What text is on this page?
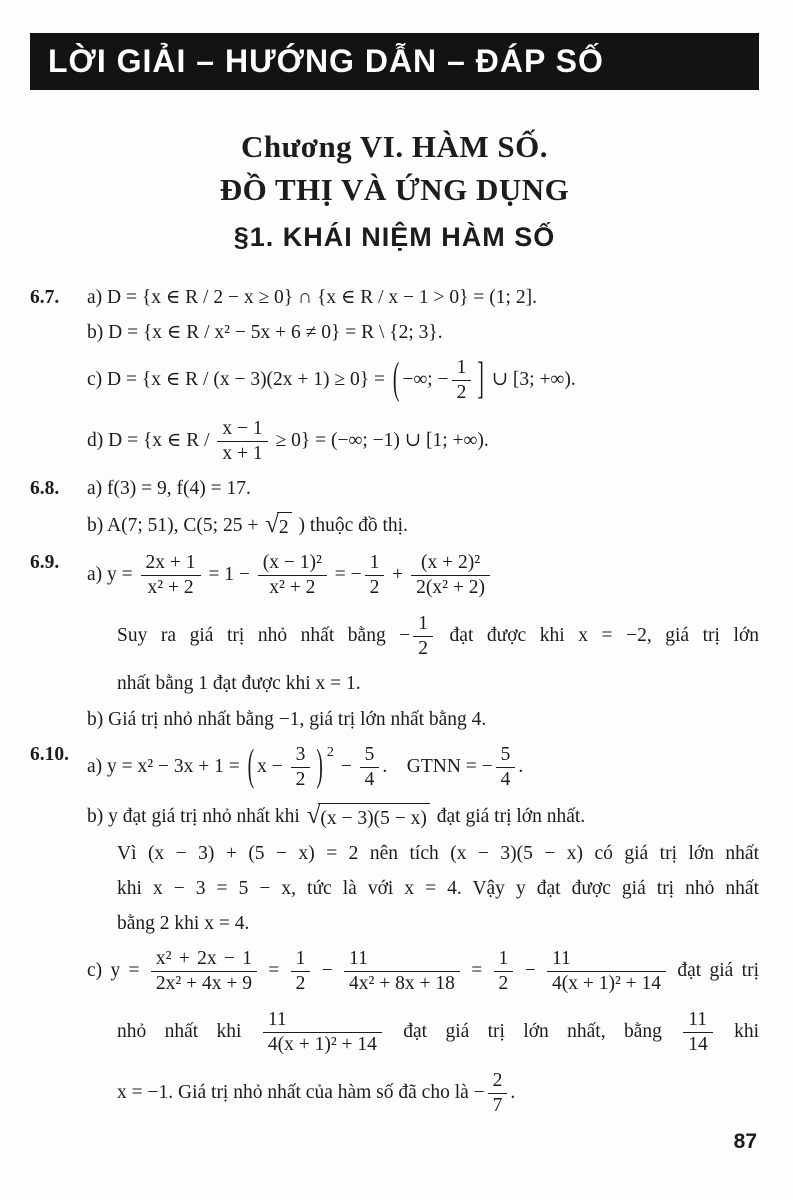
LỜI GIẢI – HƯỚNG DẪN – ĐÁP SỐ
Chương VI. HÀM SỐ.
ĐỒ THỊ VÀ ỨNG DỤNG
§1. KHÁI NIỆM HÀM SỐ
6.7. a) D = {x ∈ R / 2 − x ≥ 0} ∩ {x ∈ R / x − 1 > 0} = (1; 2].
b) D = {x ∈ R / x² − 5x + 6 ≠ 0} = R \ {2; 3}.
c) D = {x ∈ R / (x − 3)(2x + 1) ≥ 0} = ( −∞; − $\frac{1}{2}$ ] ∪ [3; +∞).
d) D = {x ∈ $R / \frac{x - 1}{x + 1} \ge 0$} = (−∞; −1) ∪ [1; +∞).
6.8. a) f(3) = 9, f(4) = 17.
b) A(7; 51), C(5; 25 + √ 2 ) thuộc đồ thị.
6.9.
a) $y = \frac{2x + 1}{\text{x² + 2}} = 1 - \frac{\text{(x − 1)²}}{\text{x² + 2}}$ = − $\frac{1}{2} + \frac{\text{(x + 2)²}}{\text{2(x² + 2)}}$
Suy ra giá trị nhỏ nhất bằng − $\frac{1}{2}$ đạt được khi x = −2, giá trị lớn
nhất bằng 1 đạt được khi x = 1.
b) Giá trị nhỏ nhất bằng −1, giá trị lớn nhất bằng 4.
6.10.
a) y = x² − 3x + 1 = ( $x - \frac{3}{2}$ ) $2 - \frac{5}{4}$ . GTNN = − $\frac{5}{4}$ .
b) y đạt giá trị nhỏ nhất khi √ (x − 3)(5 − x) đạt giá trị lớn nhất.
Vì (x − 3) + (5 − x) = 2 nên tích (x − 3)(5 − x) có giá trị lớn nhất
khi x − 3 = 5 − x, tức là với x = 4. Vậy y đạt được giá trị nhỏ nhất
bằng 2 khi x = 4.
c) $y = \frac{\text{x² + 2x − 1}}{\text{2x² + 4x + 9}} = \frac{1}{2} - \frac{11}{\text{4x² + 8x + 18}} = \frac{1}{2} - \frac{11}{\text{4(x + 1)² + 14}}$ đạt giá trị
nhỏ nhất khi $\frac{11}{\text{4(x + 1)² + 14}}$ đạt giá trị lớn nhất, bằng $\frac{11}{14}$ khi
x = −1. Giá trị nhỏ nhất của hàm số đã cho là − $\frac{2}{7}$ .
87
